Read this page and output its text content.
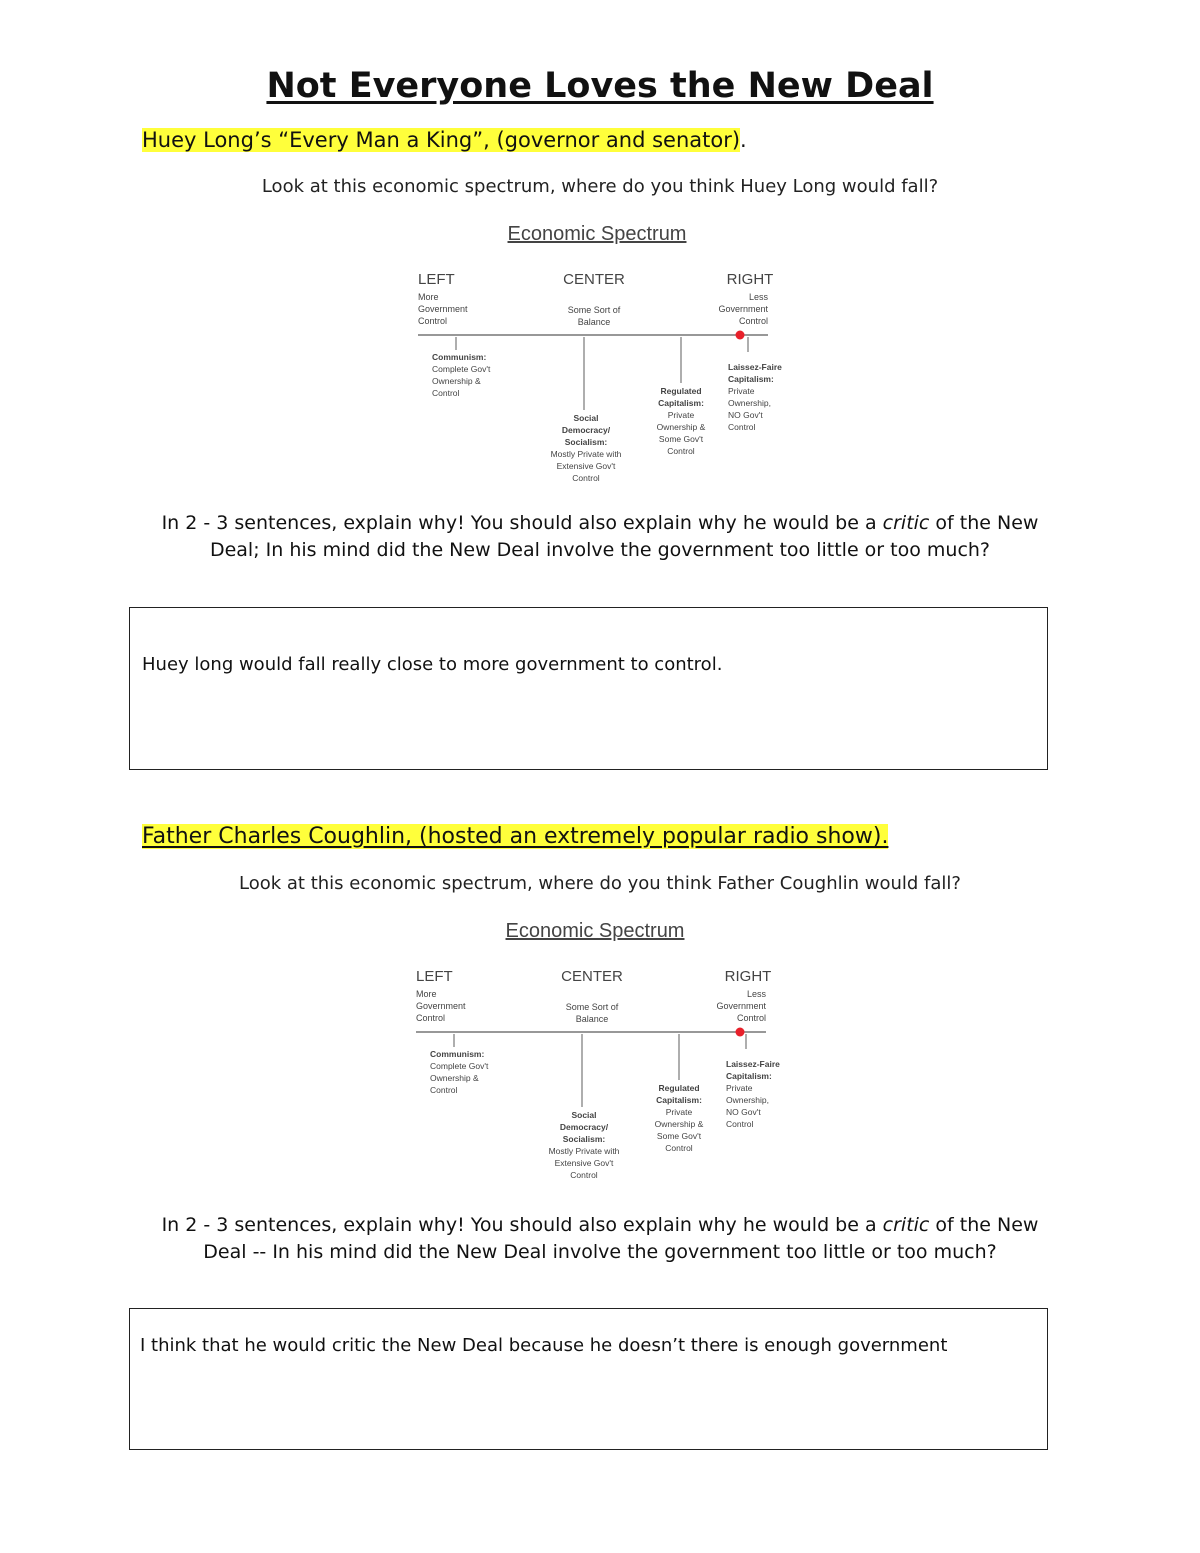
Not Everyone Loves the New Deal
Huey Long’s “Every Man a King”, (governor and senator).
Look at this economic spectrum, where do you think Huey Long would fall?
Economic Spectrum
LEFT	CENTER	RIGHT
More
Government
Control
Some Sort of
Balance
Less
Government
Control
Communism:
Complete Gov't
Ownership &
Control
Social
Democracy/
Socialism:
Mostly Private with
Extensive Gov't
Control
Regulated
Capitalism:
Private
Ownership &
Some Gov't
Control
Laissez-Faire
Capitalism:
Private
Ownership,
NO Gov't
Control
In 2 - 3 sentences, explain why! You should also explain why he would be a critic of the New Deal; In his mind did the New Deal involve the government too little or too much?
Huey long would fall really close to more government to control.
Father Charles Coughlin, (hosted an extremely popular radio show).
Look at this economic spectrum, where do you think Father Coughlin would fall?
Economic Spectrum
LEFT	CENTER	RIGHT
More
Government
Control
Some Sort of
Balance
Less
Government
Control
Communism:
Complete Gov't
Ownership &
Control
Social
Democracy/
Socialism:
Mostly Private with
Extensive Gov't
Control
Regulated
Capitalism:
Private
Ownership &
Some Gov't
Control
Laissez-Faire
Capitalism:
Private
Ownership,
NO Gov't
Control
In 2 - 3 sentences, explain why! You should also explain why he would be a critic of the New Deal -- In his mind did the New Deal involve the government too little or too much?
I think that he would critic the New Deal because he doesn’t there is enough government
